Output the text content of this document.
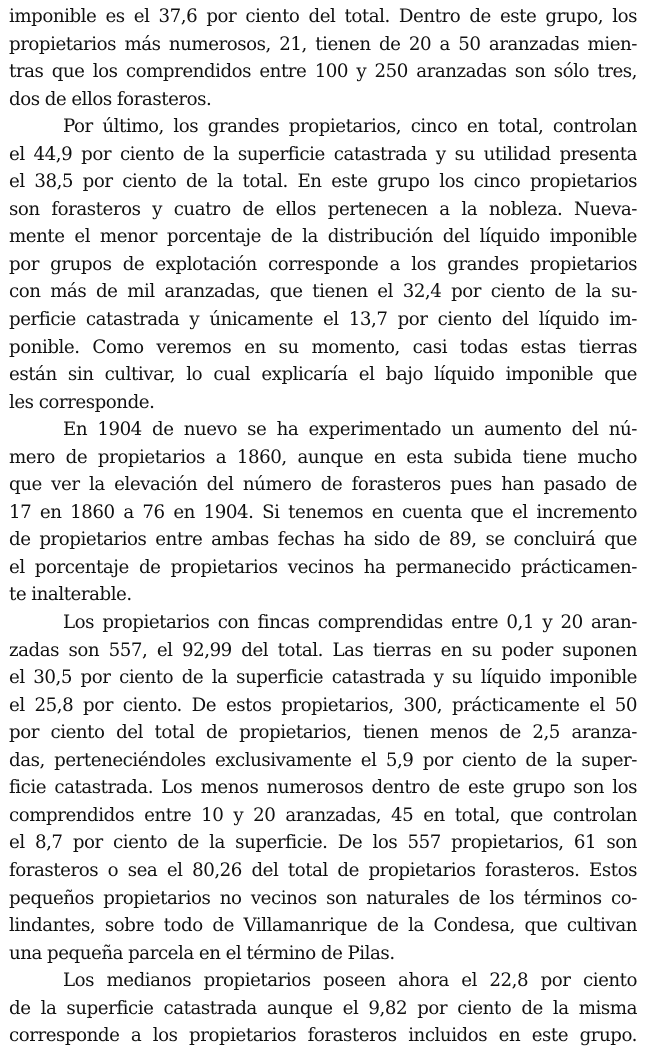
imponible es el 37,6 por ciento del total. Dentro de este grupo, los
propietarios más numerosos, 21, tienen de 20 a 50 aranzadas mien-
tras que los comprendidos entre 100 y 250 aranzadas son sólo tres,
dos de ellos forasteros.
Por último, los grandes propietarios, cinco en total, controlan
el 44,9 por ciento de la superficie catastrada y su utilidad presenta
el 38,5 por ciento de la total. En este grupo los cinco propietarios
son forasteros y cuatro de ellos pertenecen a la nobleza. Nueva-
mente el menor porcentaje de la distribución del líquido imponible
por grupos de explotación corresponde a los grandes propietarios
con más de mil aranzadas, que tienen el 32,4 por ciento de la su-
perficie catastrada y únicamente el 13,7 por ciento del líquido im-
ponible. Como veremos en su momento, casi todas estas tierras
están sin cultivar, lo cual explicaría el bajo líquido imponible que
les corresponde.
En 1904 de nuevo se ha experimentado un aumento del nú-
mero de propietarios a 1860, aunque en esta subida tiene mucho
que ver la elevación del número de forasteros pues han pasado de
17 en 1860 a 76 en 1904. Si tenemos en cuenta que el incremento
de propietarios entre ambas fechas ha sido de 89, se concluirá que
el porcentaje de propietarios vecinos ha permanecido prácticamen-
te inalterable.
Los propietarios con fincas comprendidas entre 0,1 y 20 aran-
zadas son 557, el 92,99 del total. Las tierras en su poder suponen
el 30,5 por ciento de la superficie catastrada y su líquido imponible
el 25,8 por ciento. De estos propietarios, 300, prácticamente el 50
por ciento del total de propietarios, tienen menos de 2,5 aranza-
das, perteneciéndoles exclusivamente el 5,9 por ciento de la super-
ficie catastrada. Los menos numerosos dentro de este grupo son los
comprendidos entre 10 y 20 aranzadas, 45 en total, que controlan
el 8,7 por ciento de la superficie. De los 557 propietarios, 61 son
forasteros o sea el 80,26 del total de propietarios forasteros. Estos
pequeños propietarios no vecinos son naturales de los términos co-
lindantes, sobre todo de Villamanrique de la Condesa, que cultivan
una pequeña parcela en el término de Pilas.
Los medianos propietarios poseen ahora el 22,8 por ciento
de la superficie catastrada aunque el 9,82 por ciento de la misma
corresponde a los propietarios forasteros incluidos en este grupo.
